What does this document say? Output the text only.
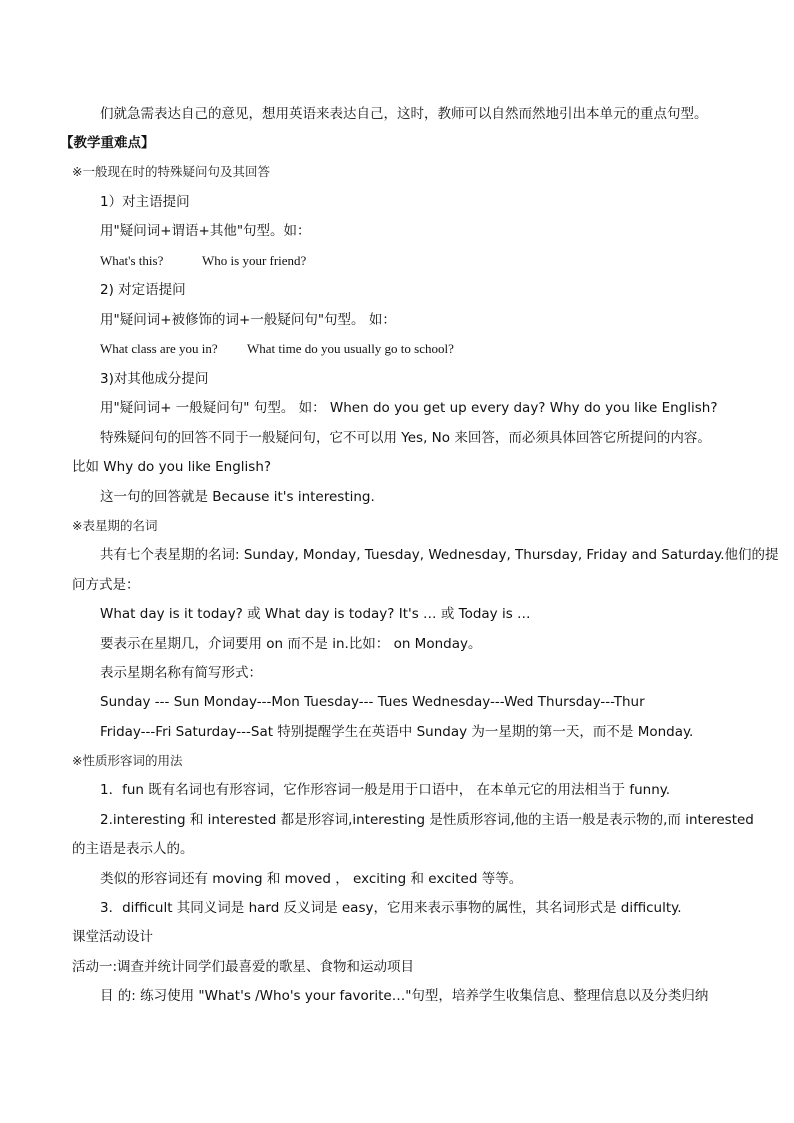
们就急需表达自己的意见，想用英语来表达自己，这时，教师可以自然而然地引出本单元的重点句型。
【教学重难点】
※一般现在时的特殊疑问句及其回答
1）对主语提问
用"疑问词+谓语+其他"句型。如：
What's this?	Who is your friend?
2) 对定语提问
用"疑问词+被修饰的词+一般疑问句"句型。 如：
What class are you in? What time do you usually go to school?
3)对其他成分提问
用"疑问词+ 一般疑问句" 句型。 如： When do you get up every day? Why do you like English?
特殊疑问句的回答不同于一般疑问句，它不可以用 Yes, No 来回答，而必须具体回答它所提问的内容。
比如 Why do you like English?
这一句的回答就是 Because it's interesting.
※表星期的名词
共有七个表星期的名词: Sunday, Monday, Tuesday, Wednesday, Thursday, Friday and Saturday.他们的提
问方式是：
What day is it today? 或 What day is today? It's … 或 Today is …
要表示在星期几，介词要用 on 而不是 in.比如： on Monday。
表示星期名称有简写形式：
Sunday --- Sun Monday---Mon Tuesday--- Tues Wednesday---Wed Thursday---Thur
Friday---Fri Saturday---Sat 特别提醒学生在英语中 Sunday 为一星期的第一天，而不是 Monday.
※性质形容词的用法
1．fun 既有名词也有形容词，它作形容词一般是用于口语中， 在本单元它的用法相当于 funny.
2.interesting 和 interested 都是形容词,interesting 是性质形容词,他的主语一般是表示物的,而 interested
的主语是表示人的。
类似的形容词还有 moving 和 moved ， exciting 和 excited 等等。
3．difficult 其同义词是 hard 反义词是 easy，它用来表示事物的属性，其名词形式是 difficulty.
课堂活动设计
活动一:调查并统计同学们最喜爱的歌星、食物和运动项目
目 的: 练习使用 "What's /Who's your favorite…"句型，培养学生收集信息、整理信息以及分类归纳
